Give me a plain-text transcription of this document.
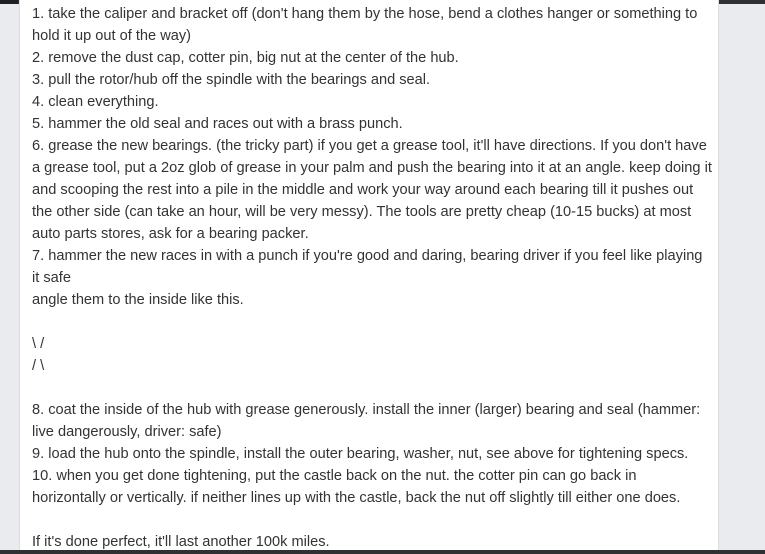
1. take the caliper and bracket off (don't hang them by the hose, bend a clothes hanger or something to
hold it up out of the way)
2. remove the dust cap, cotter pin, big nut at the center of the hub.
3. pull the rotor/hub off the spindle with the bearings and seal.
4. clean everything.
5. hammer the old seal and races out with a brass punch.
6. grease the new bearings. (the tricky part) if you get a grease tool, it'll have directions. If you don't have
a grease tool, put a 2oz glob of grease in your palm and push the bearing into it at an angle. keep doing it
and scooping the rest into a pile in the middle and work your way around each bearing till it pushes out
the other side (can take an hour, will be very messy). The tools are pretty cheap (10-15 bucks) at most
auto parts stores, ask for a bearing packer.
7. hammer the new races in with a punch if you're good and daring, bearing driver if you feel like playing
it safe
angle them to the inside like this.
\ /
/ \
8. coat the inside of the hub with grease generously. install the inner (larger) bearing and seal (hammer:
live dangerously, driver: safe)
9. load the hub onto the spindle, install the outer bearing, washer, nut, see above for tightening specs.
10. when you get done tightening, put the castle back on the nut. the cotter pin can go back in
horizontally or vertically. if neither lines up with the castle, back the nut off slightly till either one does.
If it's done perfect, it'll last another 100k miles.
